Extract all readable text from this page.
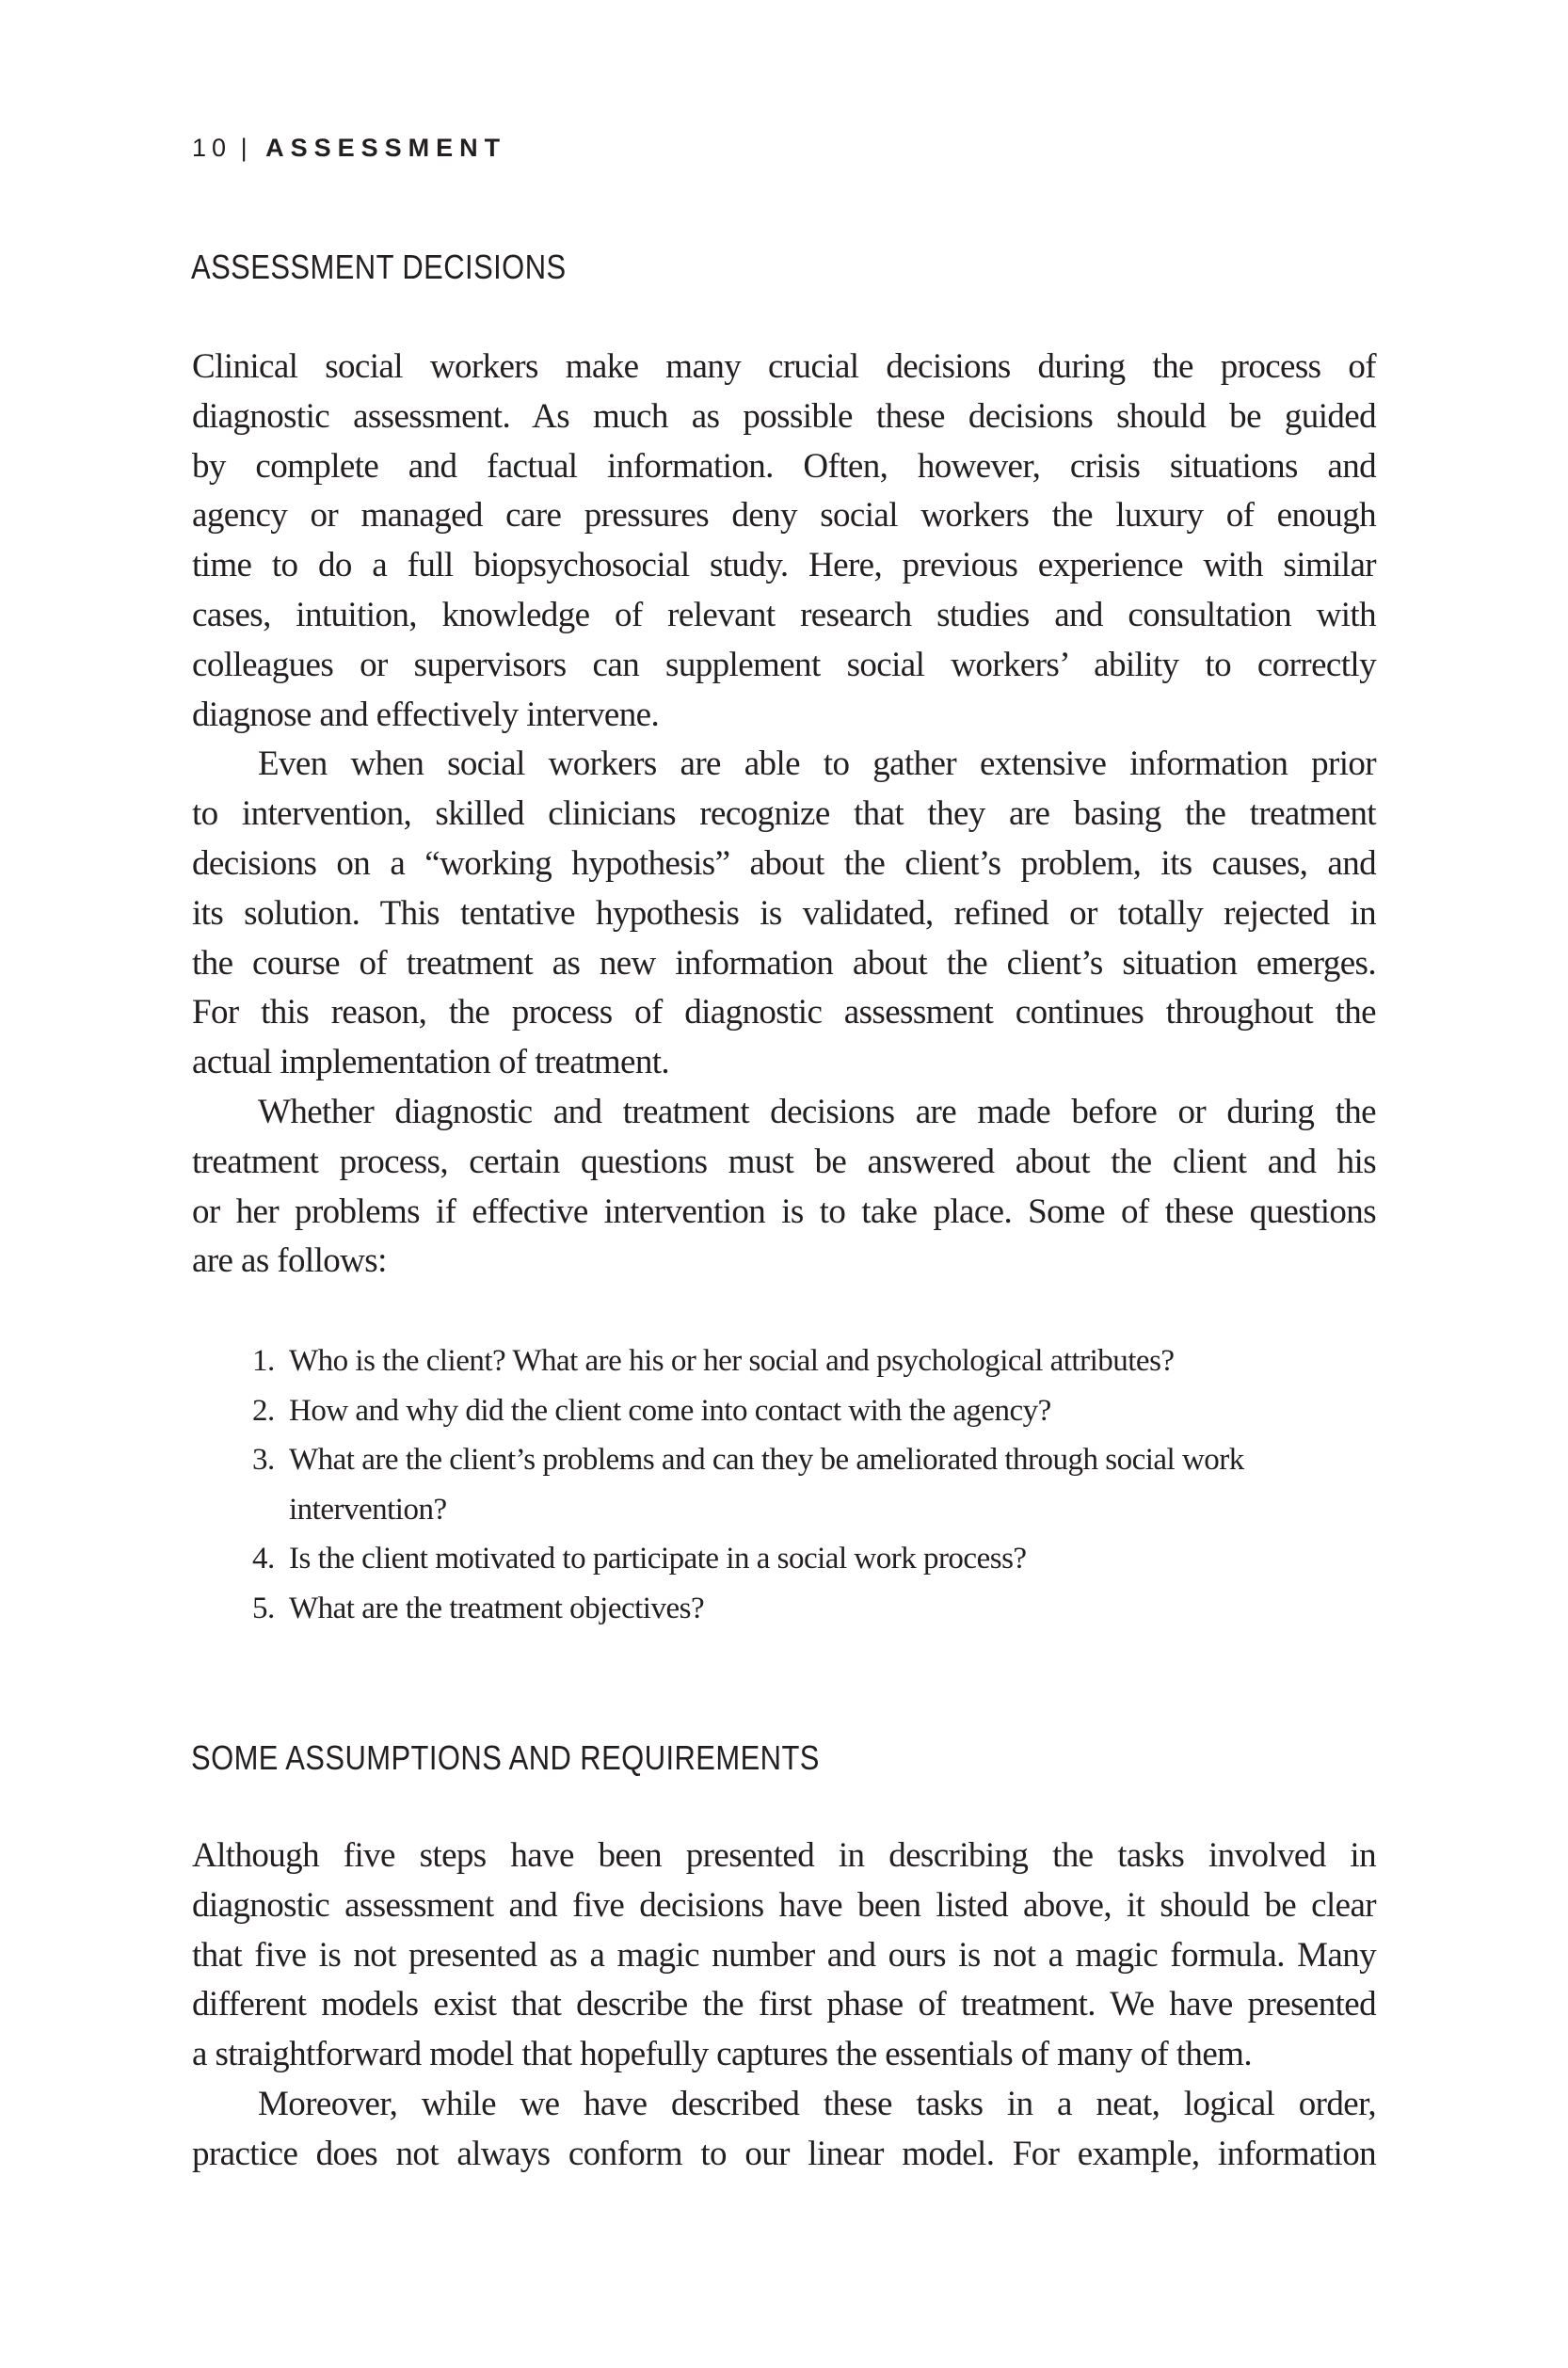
10 | ASSESSMENT
ASSESSMENT DECISIONS
Clinical social workers make many crucial decisions during the process of
diagnostic assessment. As much as possible these decisions should be guided
by complete and factual information. Often, however, crisis situations and
agency or managed care pressures deny social workers the luxury of enough
time to do a full biopsychosocial study. Here, previous experience with similar
cases, intuition, knowledge of relevant research studies and consultation with
colleagues or supervisors can supplement social workers’ ability to correctly
diagnose and effectively intervene.
Even when social workers are able to gather extensive information prior
to intervention, skilled clinicians recognize that they are basing the treatment
decisions on a “working hypothesis” about the client’s problem, its causes, and
its solution. This tentative hypothesis is validated, refined or totally rejected in
the course of treatment as new information about the client’s situation emerges.
For this reason, the process of diagnostic assessment continues throughout the
actual implementation of treatment.
Whether diagnostic and treatment decisions are made before or during the
treatment process, certain questions must be answered about the client and his
or her problems if effective intervention is to take place. Some of these questions
are as follows:
1. Who is the client? What are his or her social and psychological attributes?
2. How and why did the client come into contact with the agency?
3. What are the client’s problems and can they be ameliorated through social work
intervention?
4. Is the client motivated to participate in a social work process?
5. What are the treatment objectives?
SOME ASSUMPTIONS AND REQUIREMENTS
Although five steps have been presented in describing the tasks involved in
diagnostic assessment and five decisions have been listed above, it should be clear
that five is not presented as a magic number and ours is not a magic formula. Many
different models exist that describe the first phase of treatment. We have presented
a straightforward model that hopefully captures the essentials of many of them.
Moreover, while we have described these tasks in a neat, logical order,
practice does not always conform to our linear model. For example, information
